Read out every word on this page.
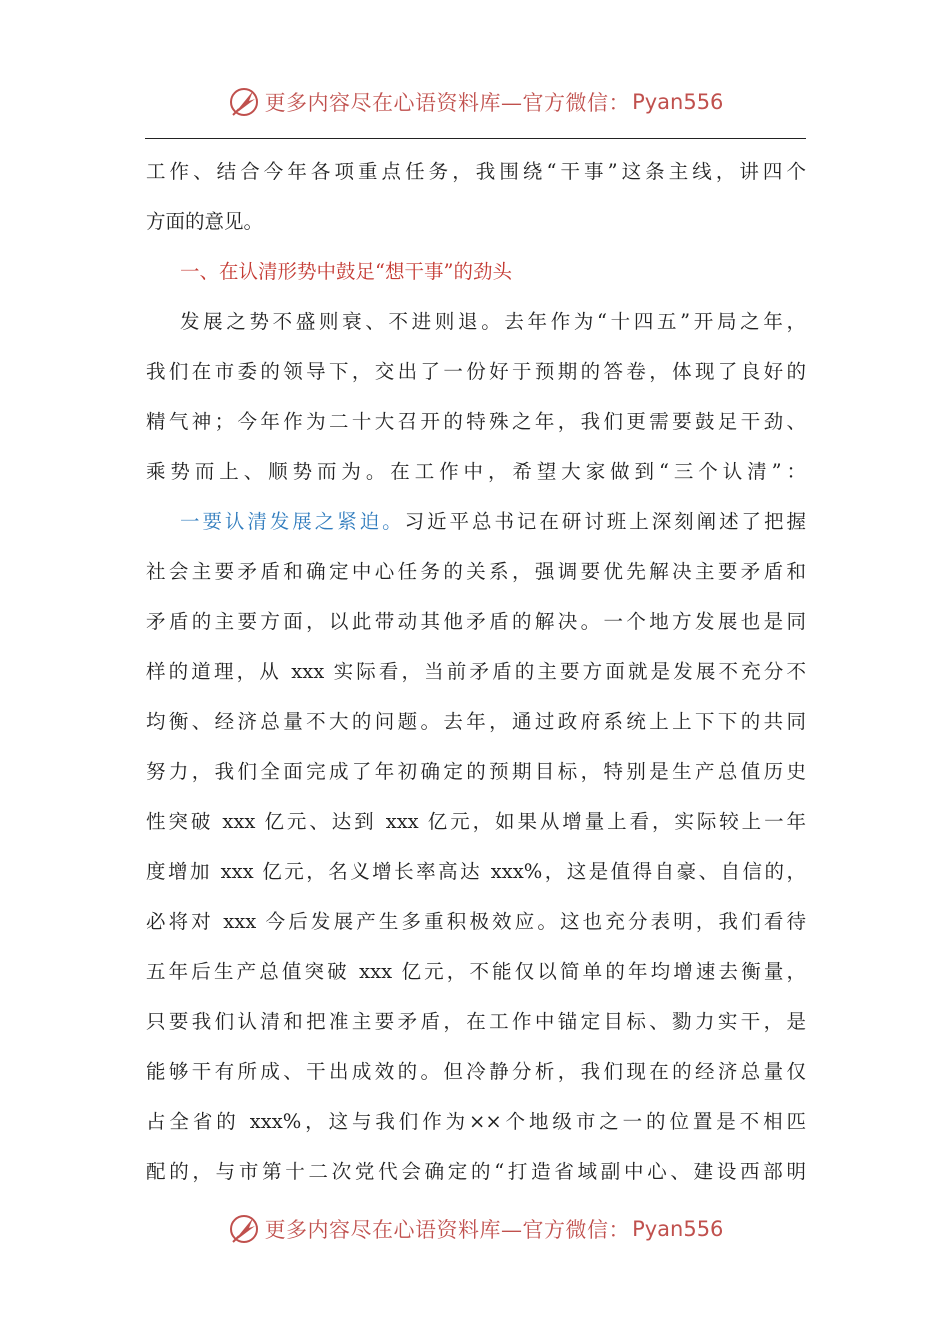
更多内容尽在心语资料库—官方微信： Pyan556
工作、结合今年各项重点任务，我围绕“干事”这条主线，讲四个
方面的意见。
一、在认清形势中鼓足“想干事”的劲头
发展之势不盛则衰、不进则退。去年作为“十四五”开局之年，
我们在市委的领导下，交出了一份好于预期的答卷，体现了良好的
精气神；今年作为二十大召开的特殊之年，我们更需要鼓足干劲、
乘势而上、顺势而为。在工作中，希望大家做到“三个认清”：
一要认清发展之紧迫。习近平总书记在研讨班上深刻阐述了把握
社会主要矛盾和确定中心任务的关系，强调要优先解决主要矛盾和
矛盾的主要方面，以此带动其他矛盾的解决。一个地方发展也是同
样的道理，从 xxx 实际看，当前矛盾的主要方面就是发展不充分不
均衡、经济总量不大的问题。去年，通过政府系统上上下下的共同
努力，我们全面完成了年初确定的预期目标，特别是生产总值历史
性突破 xxx 亿元、达到 xxx 亿元，如果从增量上看，实际较上一年
度增加 xxx 亿元，名义增长率高达 xxx%，这是值得自豪、自信的，
必将对 xxx 今后发展产生多重积极效应。这也充分表明，我们看待
五年后生产总值突破 xxx 亿元，不能仅以简单的年均增速去衡量，
只要我们认清和把准主要矛盾，在工作中锚定目标、勠力实干，是
能够干有所成、干出成效的。但冷静分析，我们现在的经济总量仅
占全省的 xxx%，这与我们作为××个地级市之一的位置是不相匹
配的，与市第十二次党代会确定的“打造省域副中心、建设西部明
更多内容尽在心语资料库—官方微信： Pyan556
